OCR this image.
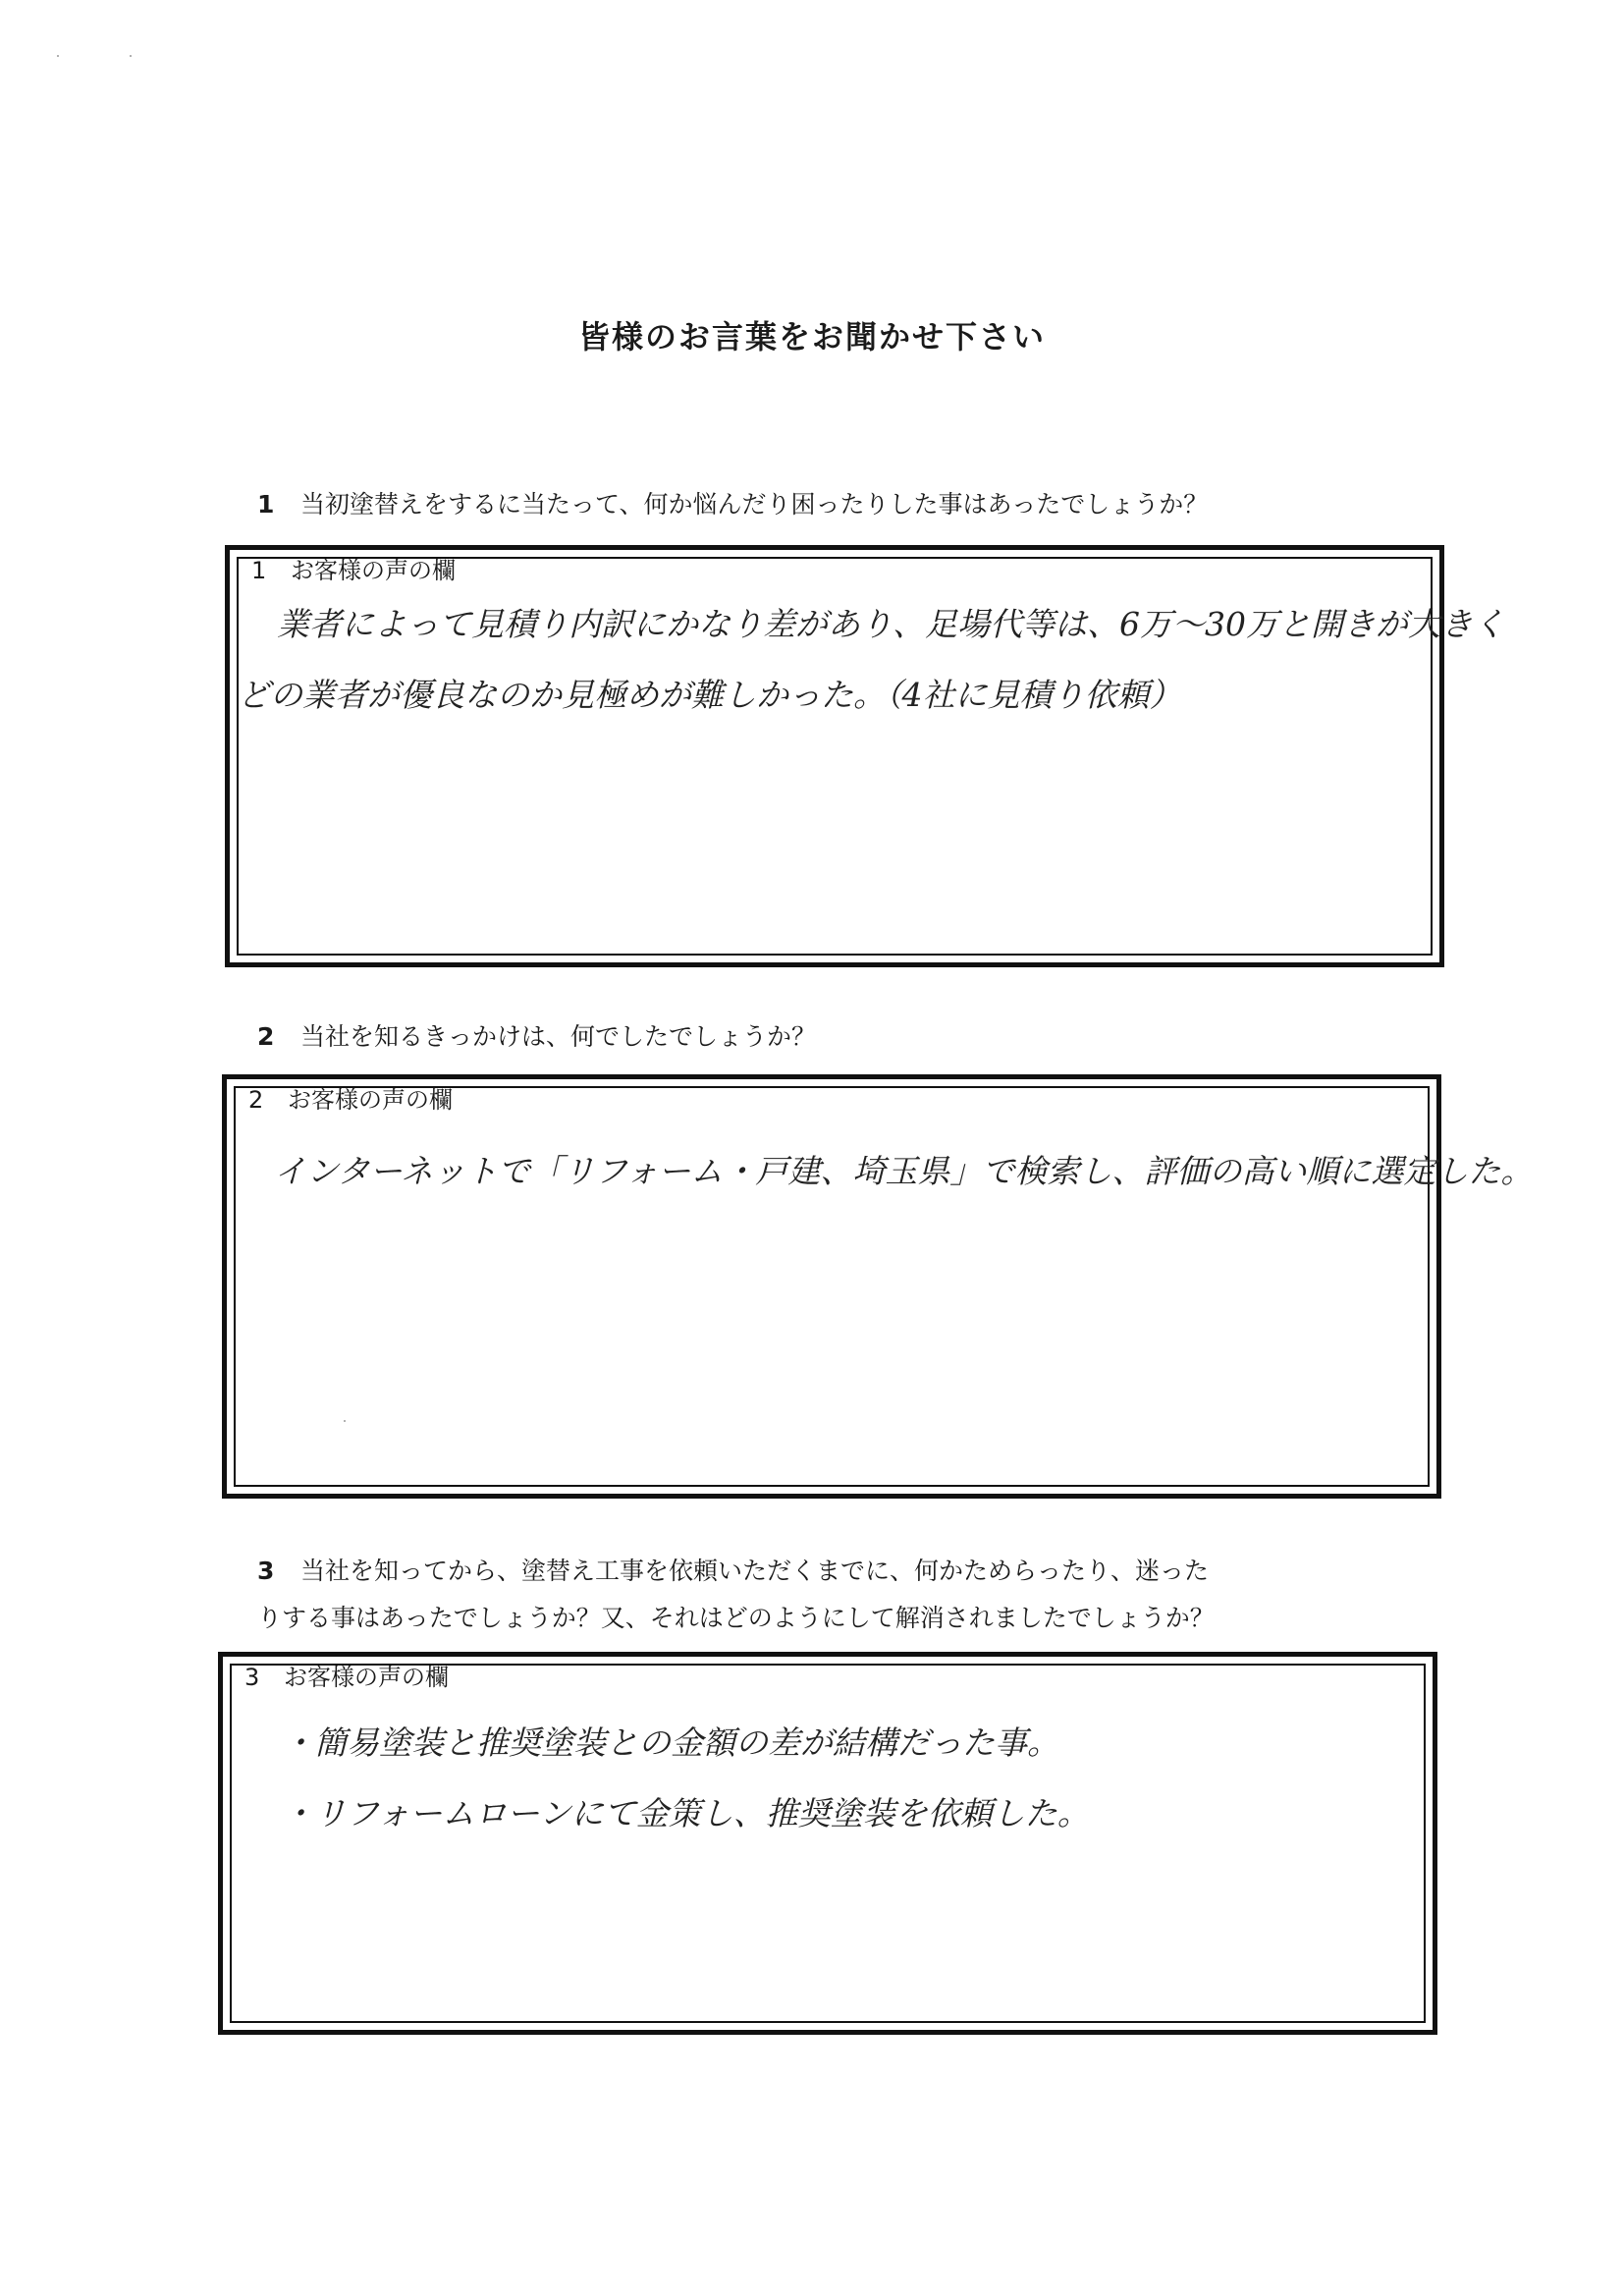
皆様のお言葉をお聞かせ下さい
1 当初塗替えをするに当たって、何か悩んだり困ったりした事はあったでしょうか？
1 お客様の声の欄
業者によって見積り内訳にかなり差があり、足場代等は、6万〜30万と開きが大きく
どの業者が優良なのか見極めが難しかった。（4社に見積り依頼）
2 当社を知るきっかけは、何でしたでしょうか？
2 お客様の声の欄
インターネットで「リフォーム・戸建、埼玉県」で検索し、評価の高い順に選定した。
3 当社を知ってから、塗替え工事を依頼いただくまでに、何かためらったり、迷った
りする事はあったでしょうか？又、それはどのようにして解消されましたでしょうか？
3 お客様の声の欄
・簡易塗装と推奨塗装との金額の差が結構だった事。
・リフォームローンにて金策し、推奨塗装を依頼した。
